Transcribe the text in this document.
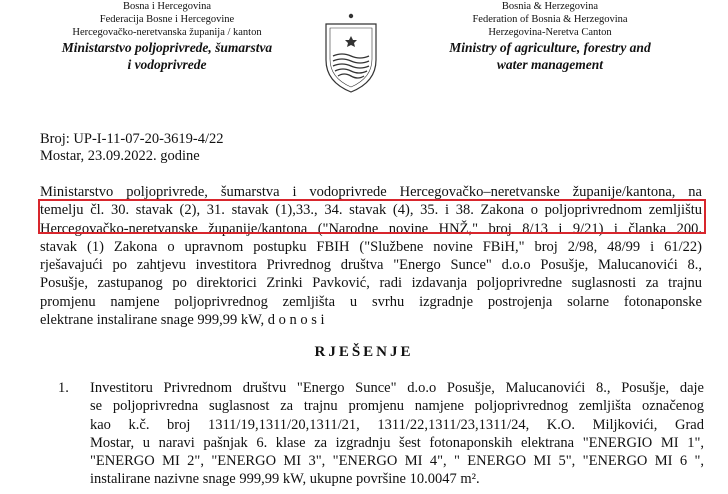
Bosna i Hercegovina
Federacija Bosne i Hercegovine
Hercegovačko-neretvanska županija / kanton
Ministarstvo poljoprivrede, šumarstva
i vodoprivrede
Bosnia & Herzegovina
Federation of Bosnia & Herzegovina
Herzegovina-Neretva Canton
Ministry of agriculture, forestry and
water management
Broj: UP-I-11-07-20-3619-4/22
Mostar, 23.09.2022. godine
Ministarstvo poljoprivrede, šumarstva i vodoprivrede Hercegovačko–neretvanske županije/kantona, na
temelju čl. 30. stavak (2), 31. stavak (1),33., 34. stavak (4), 35. i 38. Zakona o poljoprivrednom zemljištu
Hercegovačko-neretvanske županije/kantona ("Narodne novine HNŽ," broj 8/13 i 9/21) i članka 200.
stavak (1) Zakona o upravnom postupku FBIH ("Službene novine FBiH," broj 2/98, 48/99 i 61/22)
rješavajući po zahtjevu investitora Privrednog društva "Energo Sunce" d.o.o Posušje, Malucanovići 8.,
Posušje, zastupanog po direktorici Zrinki Pavković, radi izdavanja poljoprivredne suglasnosti za trajnu
promjenu namjene poljoprivrednog zemljišta u svrhu izgradnje postrojenja solarne fotonaponske
elektrane instalirane snage 999,99 kW, d o n o s i
RJEŠENJE
1. Investitoru Privrednom društvu "Energo Sunce" d.o.o Posušje, Malucanovići 8., Posušje, daje
se poljoprivredna suglasnost za trajnu promjenu namjene poljoprivrednog zemljišta označenog
kao k.č. broj 1311/19,1311/20,1311/21, 1311/22,1311/23,1311/24, K.O. Miljkovići, Grad
Mostar, u naravi pašnjak 6. klase za izgradnju šest fotonaponskih elektrana "ENERGIO MI 1",
"ENERGO MI 2", "ENERGO MI 3", "ENERGO MI 4", " ENERGO MI 5", "ENERGO MI 6 ",
instalirane nazivne snage 999,99 kW, ukupne površine 10.0047 m².
